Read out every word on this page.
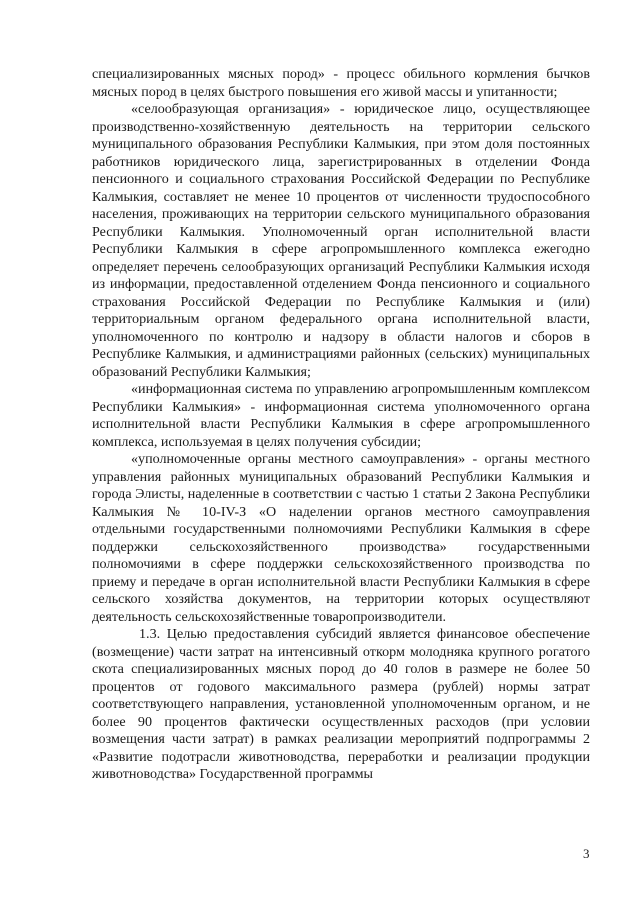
специализированных мясных пород» - процесс обильного кормления бычков мясных пород в целях быстрого повышения его живой массы и упитанности;

«селообразующая организация» - юридическое лицо, осуществляющее производственно-хозяйственную деятельность на территории сельского муниципального образования Республики Калмыкия, при этом доля постоянных работников юридического лица, зарегистрированных в отделении Фонда пенсионного и социального страхования Российской Федерации по Республике Калмыкия, составляет не менее 10 процентов от численности трудоспособного населения, проживающих на территории сельского муниципального образования Республики Калмыкия. Уполномоченный орган исполнительной власти Республики Калмыкия в сфере агропромышленного комплекса ежегодно определяет перечень селообразующих организаций Республики Калмыкия исходя из информации, предоставленной отделением Фонда пенсионного и социального страхования Российской Федерации по Республике Калмыкия и (или) территориальным органом федерального органа исполнительной власти, уполномоченного по контролю и надзору в области налогов и сборов в Республике Калмыкия, и администрациями районных (сельских) муниципальных образований Республики Калмыкия;

«информационная система по управлению агропромышленным комплексом Республики Калмыкия» - информационная система уполномоченного органа исполнительной власти Республики Калмыкия в сфере агропромышленного комплекса, используемая в целях получения субсидии;

«уполномоченные органы местного самоуправления» - органы местного управления районных муниципальных образований Республики Калмыкия и города Элисты, наделенные в соответствии с частью 1 статьи 2 Закона Республики Калмыкия № 10-IV-З «О наделении органов местного самоуправления отдельными государственными полномочиями Республики Калмыкия в сфере поддержки сельскохозяйственного производства» государственными полномочиями в сфере поддержки сельскохозяйственного производства по приему и передаче в орган исполнительной власти Республики Калмыкия в сфере сельского хозяйства документов, на территории которых осуществляют деятельность сельскохозяйственные товаропроизводители.

1.3. Целью предоставления субсидий является финансовое обеспечение (возмещение) части затрат на интенсивный откорм молодняка крупного рогатого скота специализированных мясных пород до 40 голов в размере не более 50 процентов от годового максимального размера (рублей) нормы затрат соответствующего направления, установленной уполномоченным органом, и не более 90 процентов фактически осуществленных расходов (при условии возмещения части затрат) в рамках реализации мероприятий подпрограммы 2 «Развитие подотрасли животноводства, переработки и реализации продукции животноводства» Государственной программы

3
